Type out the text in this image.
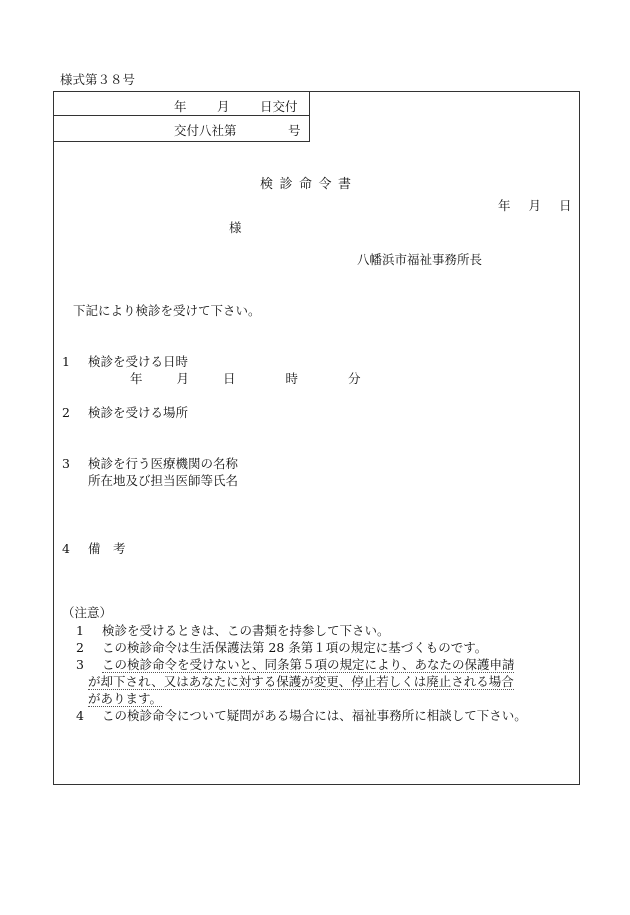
様式第３８号
年 月 日交付
交付八社第	号
検診命令書
年 月 日
様
八幡浜市福祉事務所長
下記により検診を受けて下さい。
1 検診を受ける日時
年	月	日	時	分
2 検診を受ける場所
3 検診を行う医療機関の名称
所在地及び担当医師等氏名
4 備　考
（注意）
1 検診を受けるときは、この書類を持参して下さい。
2 この検診命令は生活保護法第 28 条第１項の規定に基づくものです。
3 この検診命令を受けないと、同条第５項の規定により、あなたの保護申請
が却下され、又はあなたに対する保護が変更、停止若しくは廃止される場合
があります。
4 この検診命令について疑問がある場合には、福祉事務所に相談して下さい。
